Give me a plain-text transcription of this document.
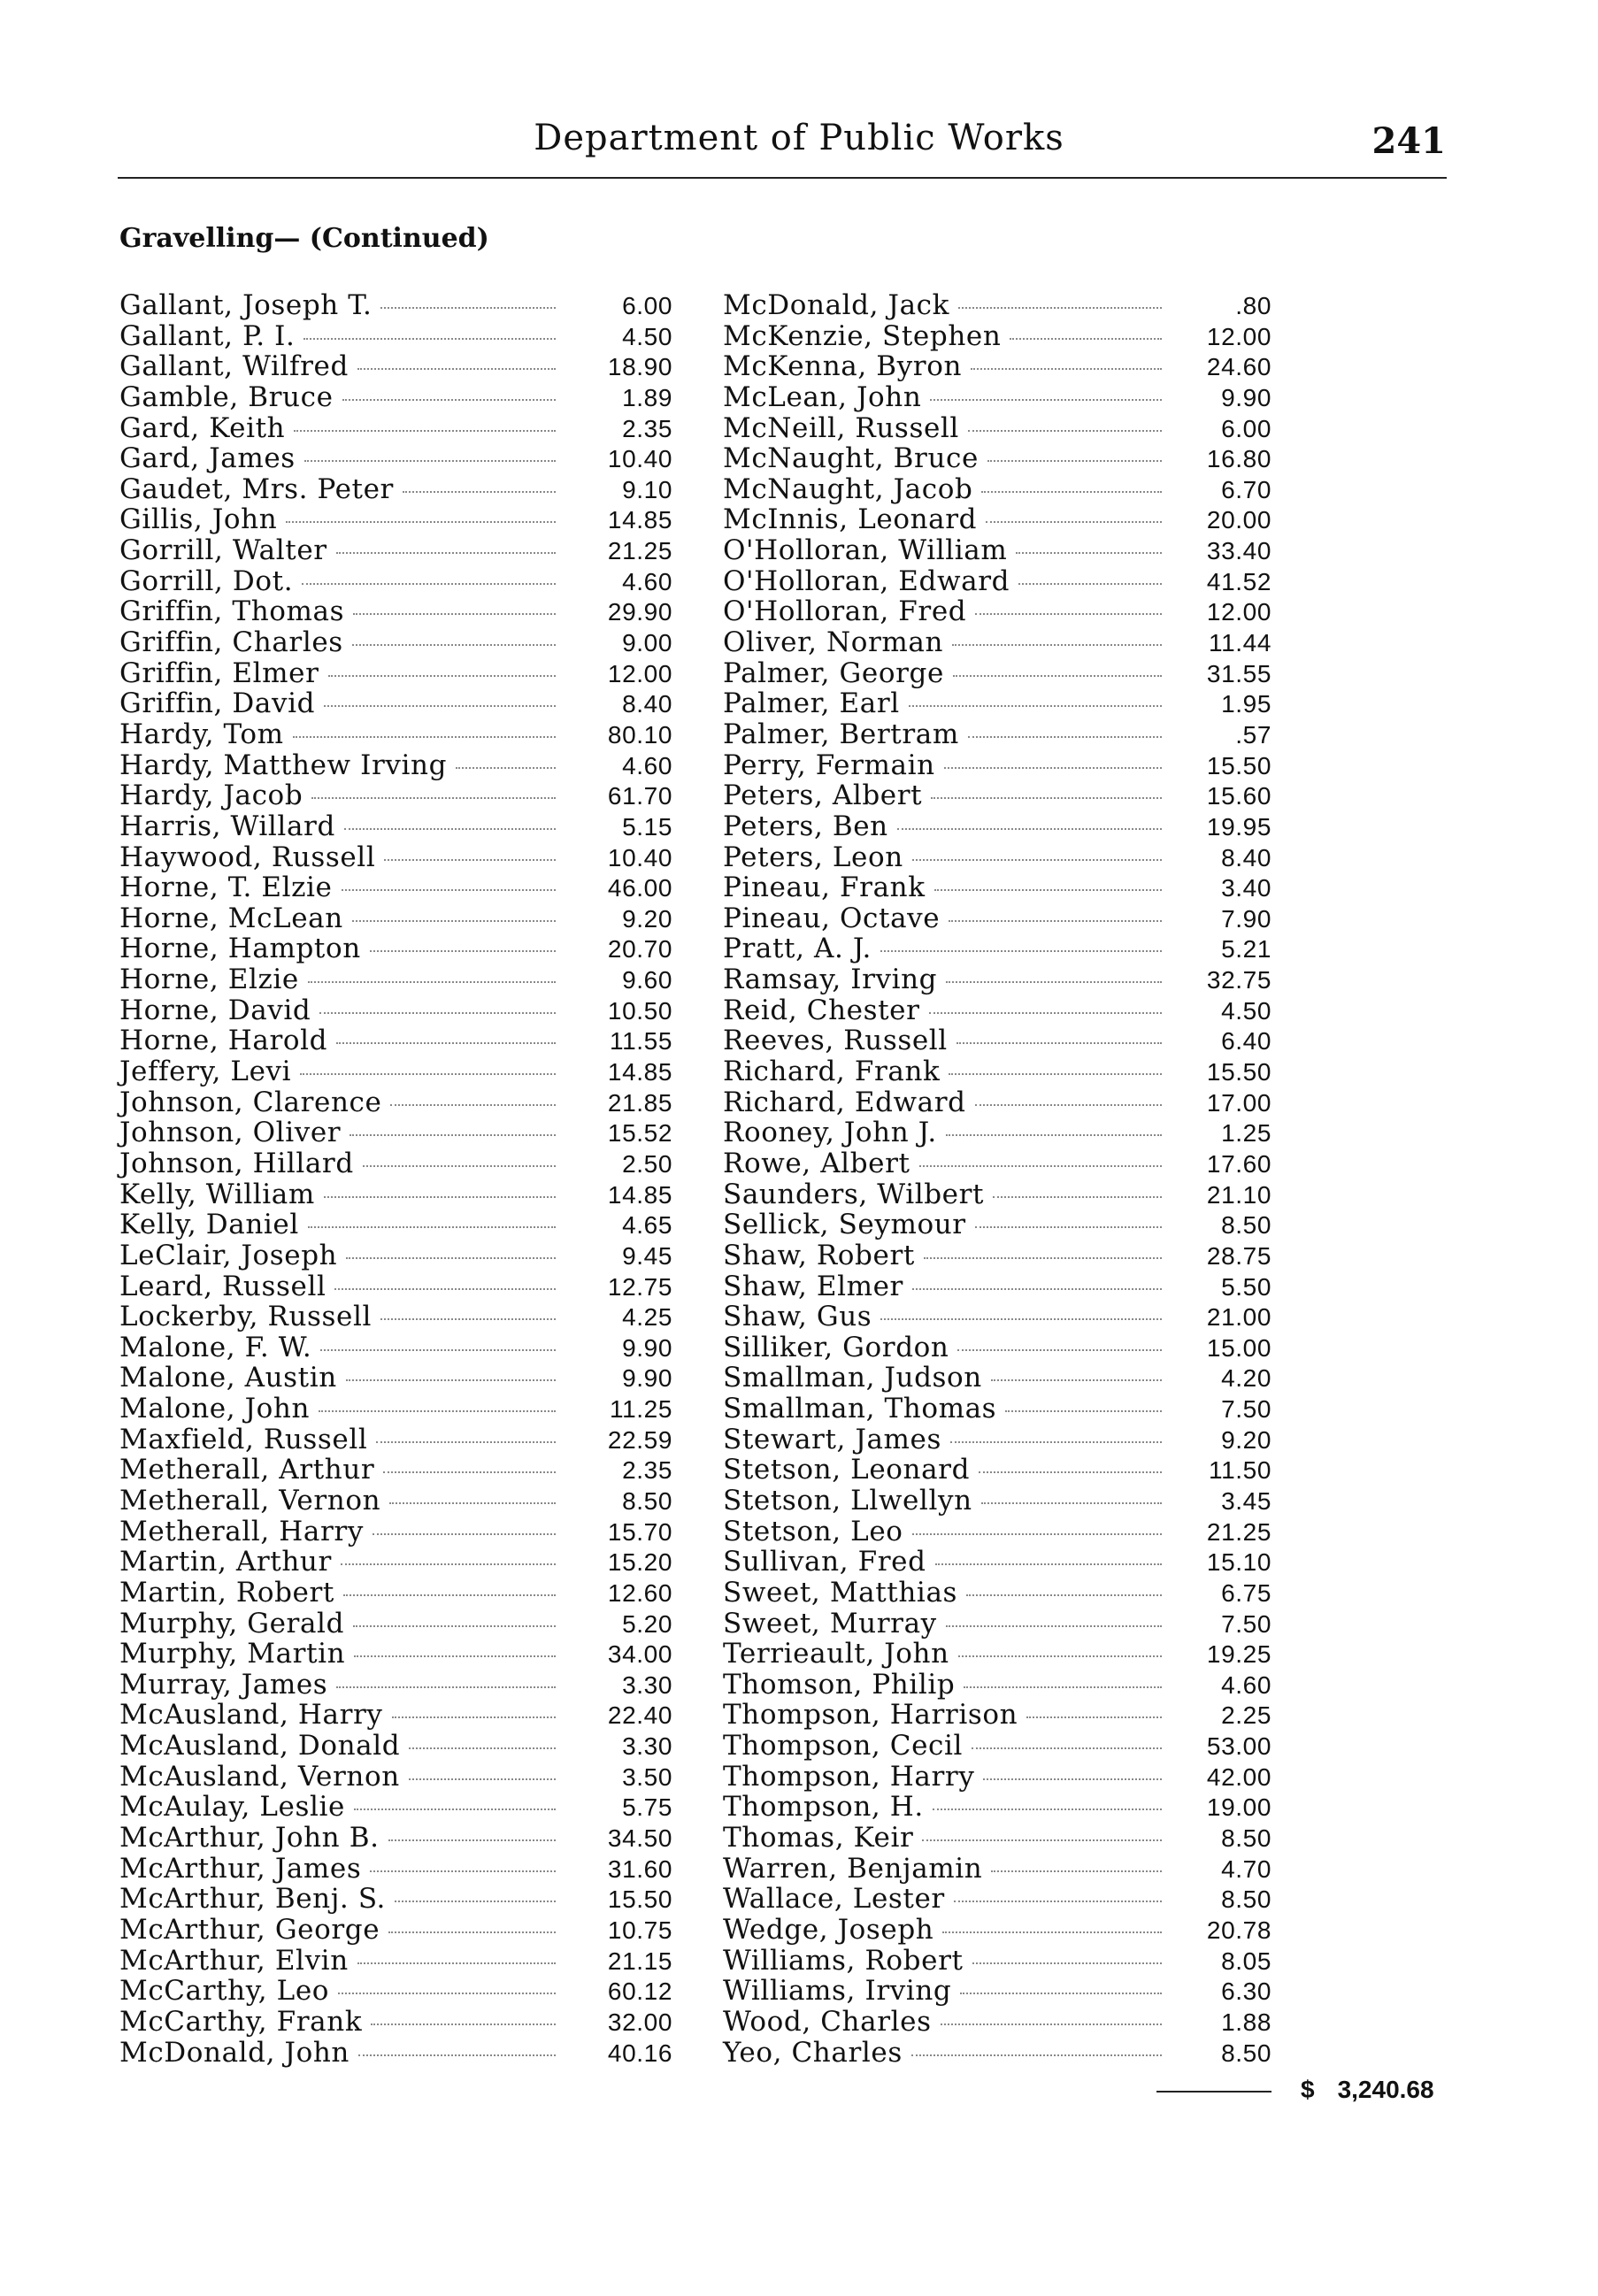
Department of Public Works	241
Gravelling— (Continued)
Gallant, Joseph T.	6.00
Gallant, P. I.	4.50
Gallant, Wilfred	18.90
Gamble, Bruce	1.89
Gard, Keith	2.35
Gard, James	10.40
Gaudet, Mrs. Peter	9.10
Gillis, John	14.85
Gorrill, Walter	21.25
Gorrill, Dot.	4.60
Griffin, Thomas	29.90
Griffin, Charles	9.00
Griffin, Elmer	12.00
Griffin, David	8.40
Hardy, Tom	80.10
Hardy, Matthew Irving	4.60
Hardy, Jacob	61.70
Harris, Willard	5.15
Haywood, Russell	10.40
Horne, T. Elzie	46.00
Horne, McLean	9.20
Horne, Hampton	20.70
Horne, Elzie	9.60
Horne, David	10.50
Horne, Harold	11.55
Jeffery, Levi	14.85
Johnson, Clarence	21.85
Johnson, Oliver	15.52
Johnson, Hillard	2.50
Kelly, William	14.85
Kelly, Daniel	4.65
LeClair, Joseph	9.45
Leard, Russell	12.75
Lockerby, Russell	4.25
Malone, F. W.	9.90
Malone, Austin	9.90
Malone, John	11.25
Maxfield, Russell	22.59
Metherall, Arthur	2.35
Metherall, Vernon	8.50
Metherall, Harry	15.70
Martin, Arthur	15.20
Martin, Robert	12.60
Murphy, Gerald	5.20
Murphy, Martin	34.00
Murray, James	3.30
McAusland, Harry	22.40
McAusland, Donald	3.30
McAusland, Vernon	3.50
McAulay, Leslie	5.75
McArthur, John B.	34.50
McArthur, James	31.60
McArthur, Benj. S.	15.50
McArthur, George	10.75
McArthur, Elvin	21.15
McCarthy, Leo	60.12
McCarthy, Frank	32.00
McDonald, John	40.16
McDonald, Jack	.80
McKenzie, Stephen	12.00
McKenna, Byron	24.60
McLean, John	9.90
McNeill, Russell	6.00
McNaught, Bruce	16.80
McNaught, Jacob	6.70
McInnis, Leonard	20.00
O'Holloran, William	33.40
O'Holloran, Edward	41.52
O'Holloran, Fred	12.00
Oliver, Norman	11.44
Palmer, George	31.55
Palmer, Earl	1.95
Palmer, Bertram	.57
Perry, Fermain	15.50
Peters, Albert	15.60
Peters, Ben	19.95
Peters, Leon	8.40
Pineau, Frank	3.40
Pineau, Octave	7.90
Pratt, A. J.	5.21
Ramsay, Irving	32.75
Reid, Chester	4.50
Reeves, Russell	6.40
Richard, Frank	15.50
Richard, Edward	17.00
Rooney, John J.	1.25
Rowe, Albert	17.60
Saunders, Wilbert	21.10
Sellick, Seymour	8.50
Shaw, Robert	28.75
Shaw, Elmer	5.50
Shaw, Gus	21.00
Silliker, Gordon	15.00
Smallman, Judson	4.20
Smallman, Thomas	7.50
Stewart, James	9.20
Stetson, Leonard	11.50
Stetson, Llwellyn	3.45
Stetson, Leo	21.25
Sullivan, Fred	15.10
Sweet, Matthias	6.75
Sweet, Murray	7.50
Terrieault, John	19.25
Thomson, Philip	4.60
Thompson, Harrison	2.25
Thompson, Cecil	53.00
Thompson, Harry	42.00
Thompson, H.	19.00
Thomas, Keir	8.50
Warren, Benjamin	4.70
Wallace, Lester	8.50
Wedge, Joseph	20.78
Williams, Robert	8.05
Williams, Irving	6.30
Wood, Charles	1.88
Yeo, Charles	8.50
$ 3,240.68
